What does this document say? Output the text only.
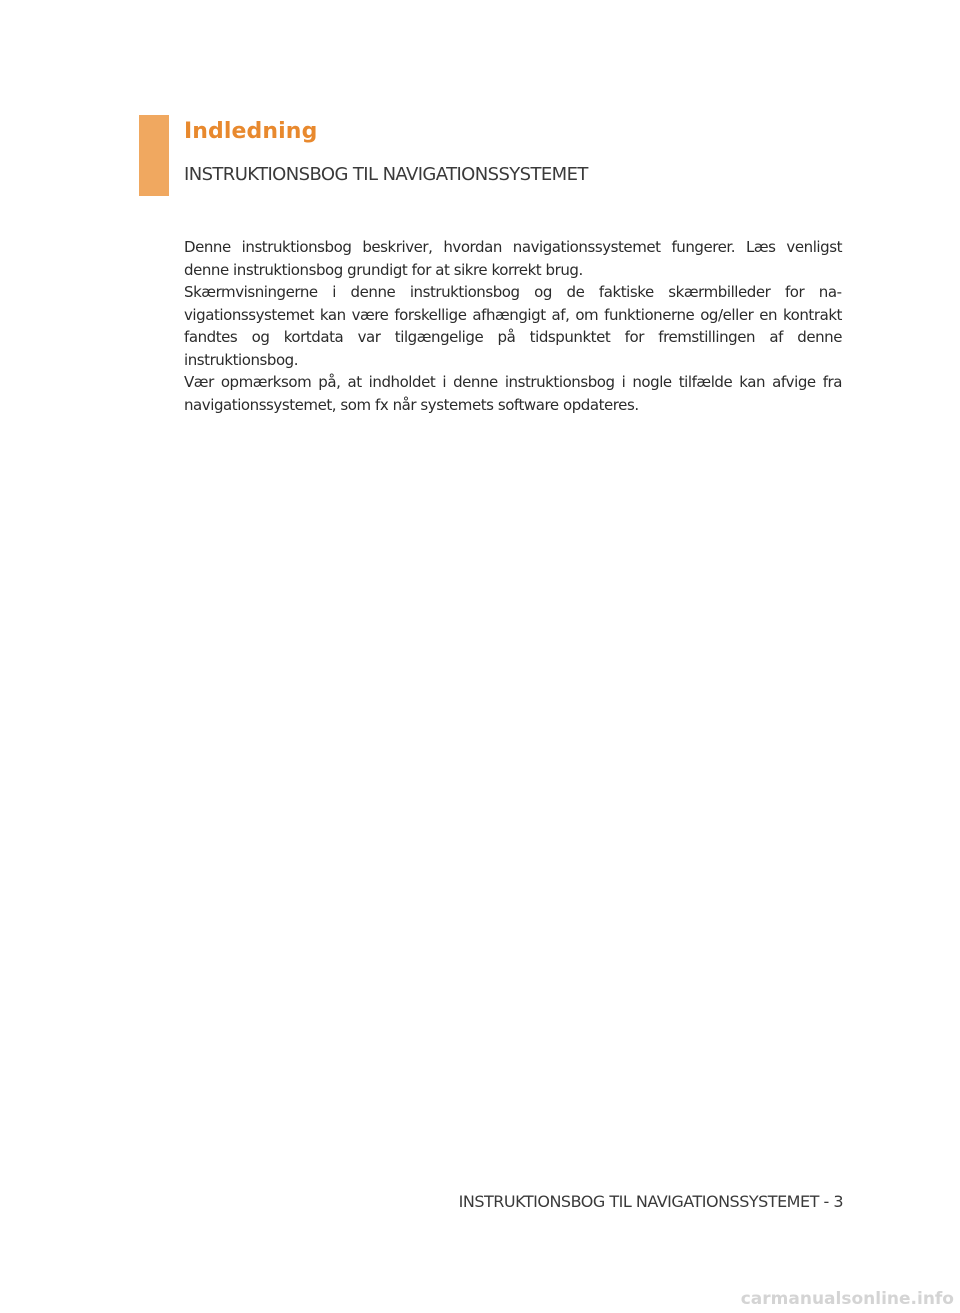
Indledning
INSTRUKTIONSBOG TIL NAVIGATIONSSYSTEMET

Denne instruktionsbog beskriver, hvordan navigationssystemet fungerer. Læs venligst denne instruktionsbog grundigt for at sikre korrekt brug.

Skærmvisningerne i denne instruktionsbog og de faktiske skærmbilleder for navigationssystemet kan være forskellige afhængigt af, om funktionerne og/eller en kontrakt fandtes og kortdata var tilgængelige på tidspunktet for fremstillingen af denne instruktionsbog.

Vær opmærksom på, at indholdet i denne instruktionsbog i nogle tilfælde kan afvige fra navigationssystemet, som fx når systemets software opdateres.

INSTRUKTIONSBOG TIL NAVIGATIONSSYSTEMET - 3
carmanualsonline.info
